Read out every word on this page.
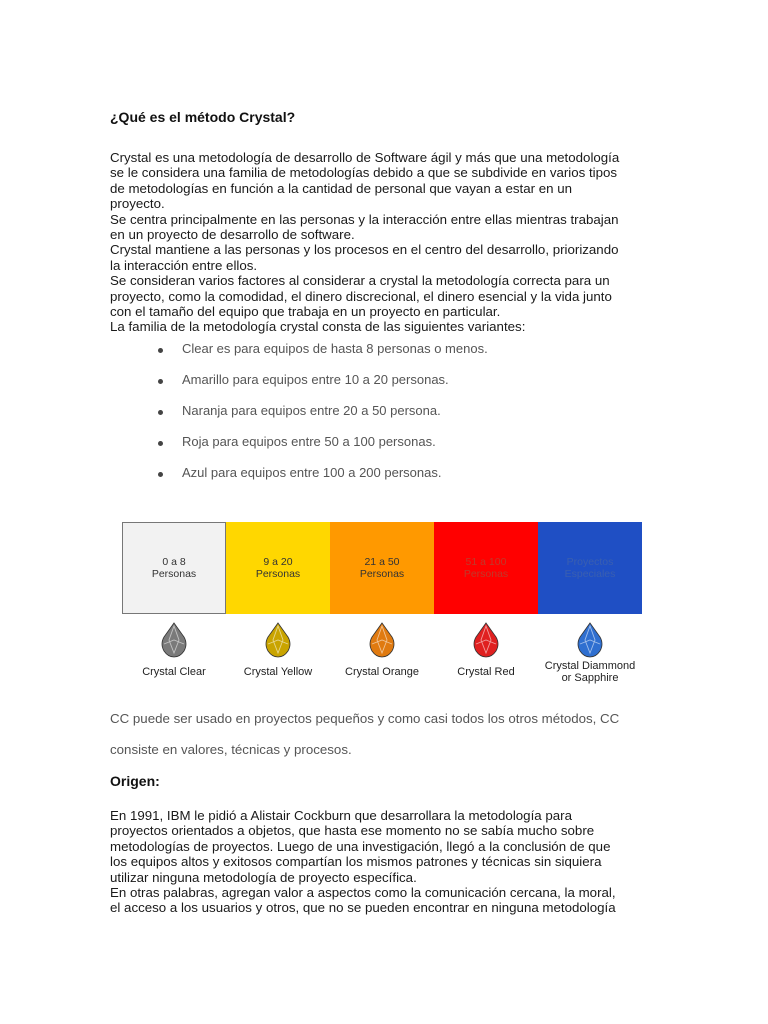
¿Qué es el método Crystal?

Crystal es una metodología de desarrollo de Software ágil y más que una metodología

se le considera una familia de metodologías debido a que se subdivide en varios tipos

de metodologías en función a la cantidad de personal que vayan a estar en un

proyecto.

Se centra principalmente en las personas y la interacción entre ellas mientras trabajan

en un proyecto de desarrollo de software.

Crystal mantiene a las personas y los procesos en el centro del desarrollo, priorizando

la interacción entre ellos.

Se consideran varios factores al considerar a crystal la metodología correcta para un

proyecto, como la comodidad, el dinero discrecional, el dinero esencial y la vida junto

con el tamaño del equipo que trabaja en un proyecto en particular.

La familia de la metodología crystal consta de las siguientes variantes:

Clear es para equipos de hasta 8 personas o menos.
Amarillo para equipos entre 10 a 20 personas.
Naranja para equipos entre 20 a 50 persona.
Roja para equipos entre 50 a 100 personas.
Azul para equipos entre 100 a 200 personas.
0 a 8
Personas
9 a 20
Personas
21 a 50
Personas
51 a 100
Personas
Proyectos
Especiales
Crystal Clear	Crystal Yellow	Crystal Orange	Crystal Red	Crystal Diammond
or Sapphire

CC puede ser usado en proyectos pequeños y como casi todos los otros métodos, CC

consiste en valores, técnicas y procesos.

Origen:

En 1991, IBM le pidió a Alistair Cockburn que desarrollara la metodología para

proyectos orientados a objetos, que hasta ese momento no se sabía mucho sobre

metodologías de proyectos. Luego de una investigación, llegó a la conclusión de que

los equipos altos y exitosos compartían los mismos patrones y técnicas sin siquiera

utilizar ninguna metodología de proyecto específica.

En otras palabras, agregan valor a aspectos como la comunicación cercana, la moral,

el acceso a los usuarios y otros, que no se pueden encontrar en ninguna metodología
